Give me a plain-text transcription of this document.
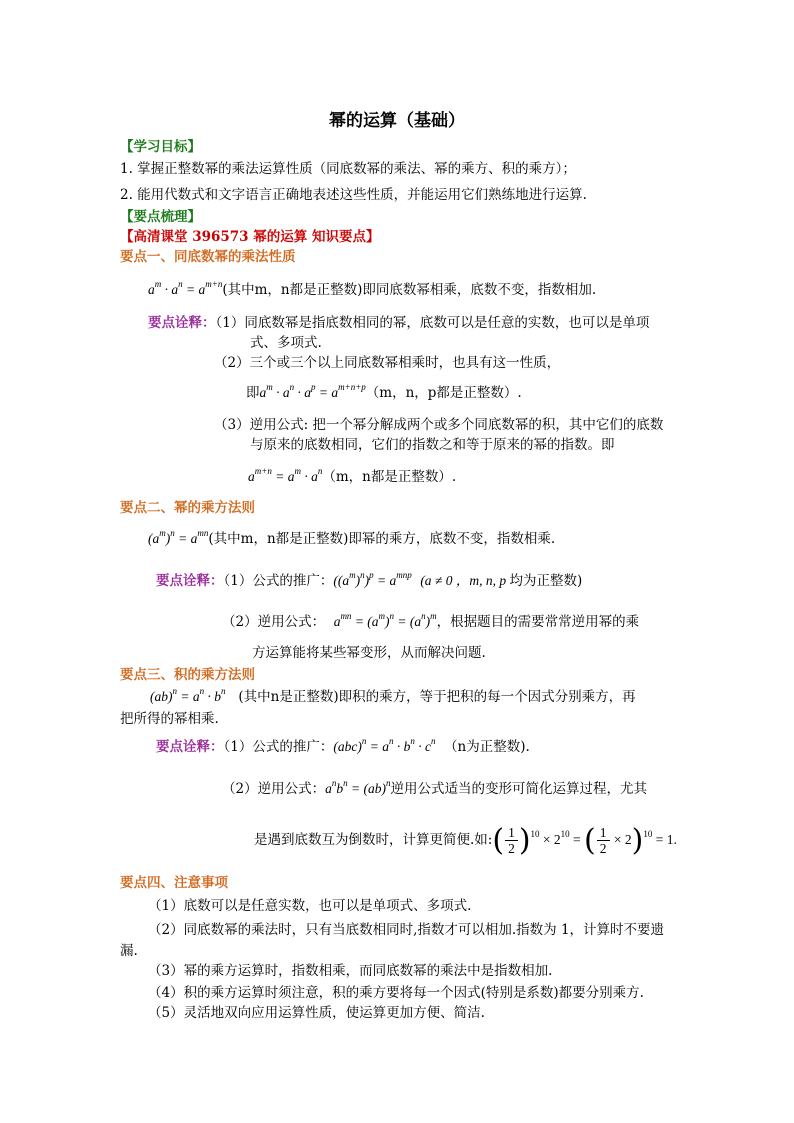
幂的运算（基础）
【学习目标】
1. 掌握正整数幂的乘法运算性质（同底数幂的乘法、幂的乘方、积的乘方）；
2. 能用代数式和文字语言正确地表述这些性质，并能运用它们熟练地进行运算.
【要点梳理】
【高清课堂 396573 幂的运算 知识要点】
要点一、同底数幂的乘法性质
$a^m \cdot a^n = a^{m+n}$(其中m，n都是正整数)即同底数幂相乘，底数不变，指数相加.
要点诠释：（1）同底数幂是指底数相同的幂，底数可以是任意的实数，也可以是单项
式、多项式.
（2）三个或三个以上同底数幂相乘时，也具有这一性质，
即$a^m \cdot a^n \cdot a^p = a^{m+n+p}(m$，n，p都是正整数）.
（3）逆用公式: 把一个幂分解成两个或多个同底数幂的积，其中它们的底数
与原来的底数相同，它们的指数之和等于原来的幂的指数。即
$a^{m+n} = a^m \cdot a^n(m$，n都是正整数）.
要点二、幂的乘方法则
$(a^m)^n = a^{mn}$(其中m，n都是正整数)即幂的乘方，底数不变，指数相乘.
要点诠释：（1）公式的推广：$((a^m)^n)^p = a^{mnp}$ (a ≠ 0 ，m, n, p 均为正整数)
（2）逆用公式： $a^{mn} = (a^m)^n = (a^n)^m$，根据题目的需要常常逆用幂的乘
方运算能将某些幂变形，从而解决问题.
要点三、积的乘方法则
$(ab)^n = a^n \cdot b^n$ (其中n是正整数)即积的乘方，等于把积的每一个因式分别乘方，再
把所得的幂相乘.
要点诠释：（1）公式的推广：$(abc)^n = a^n \cdot b^n \cdot c^n$ （n为正整数).
（2）逆用公式：$a^nb^n = (ab)^n$逆用公式适当的变形可简化运算过程，尤其
是遇到底数互为倒数时，计算更简便.如:( $\frac{1}{2} )^{10} \times 2^{10}$ = ( $\frac{1}{2} \times 2)^{10} = 1$.
要点四、注意事项
（1）底数可以是任意实数，也可以是单项式、多项式.
（2）同底数幂的乘法时，只有当底数相同时,指数才可以相加.指数为 1，计算时不要遗
漏.
（3）幂的乘方运算时，指数相乘，而同底数幂的乘法中是指数相加.
（4）积的乘方运算时须注意，积的乘方要将每一个因式(特别是系数)都要分别乘方.
（5）灵活地双向应用运算性质，使运算更加方便、简洁.
